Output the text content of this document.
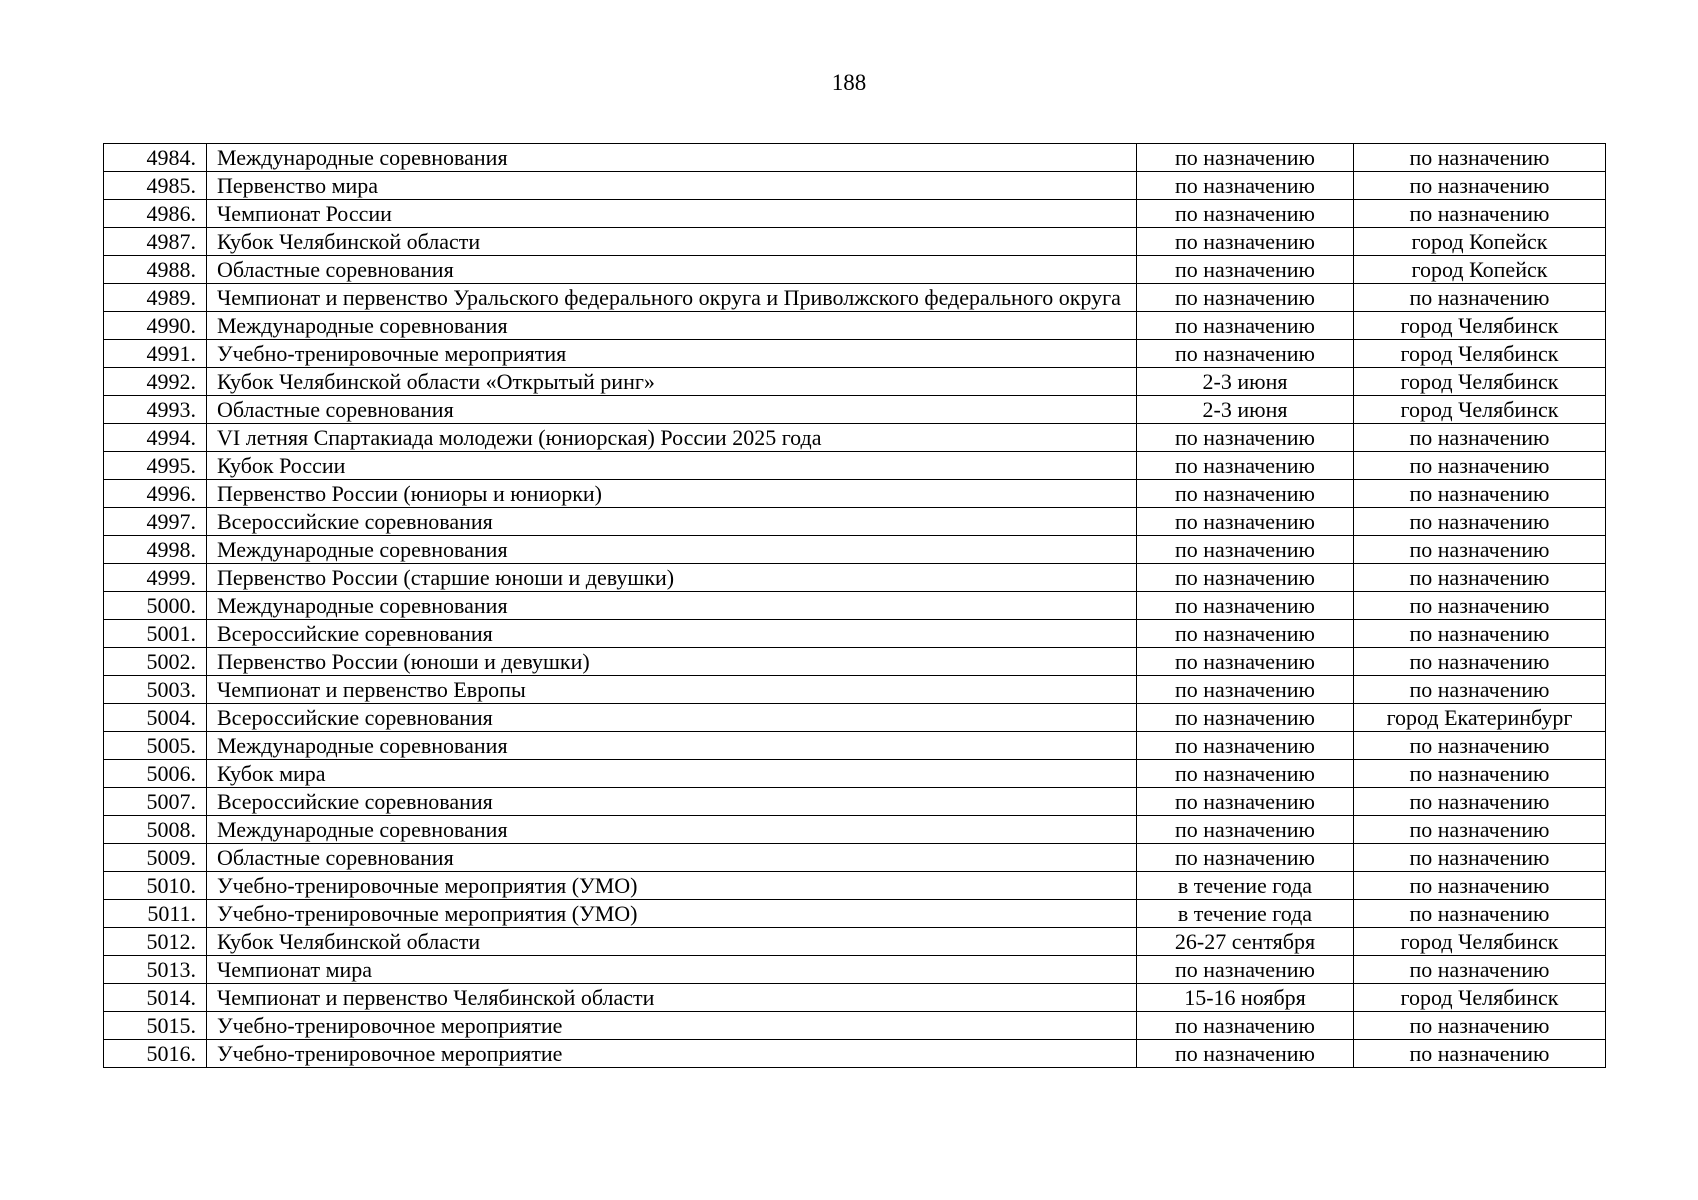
188
4984.	Международные соревнования	по назначению	по назначению
4985.	Первенство мира	по назначению	по назначению
4986.	Чемпионат России	по назначению	по назначению
4987.	Кубок Челябинской области	по назначению	город Копейск
4988.	Областные соревнования	по назначению	город Копейск
4989.	Чемпионат и первенство Уральского федерального округа и Приволжского федерального округа	по назначению	по назначению
4990.	Международные соревнования	по назначению	город Челябинск
4991.	Учебно-тренировочные мероприятия	по назначению	город Челябинск
4992.	Кубок Челябинской области «Открытый ринг»	2-3 июня	город Челябинск
4993.	Областные соревнования	2-3 июня	город Челябинск
4994.	VI летняя Спартакиада молодежи (юниорская) России 2025 года	по назначению	по назначению
4995.	Кубок России	по назначению	по назначению
4996.	Первенство России (юниоры и юниорки)	по назначению	по назначению
4997.	Всероссийские соревнования	по назначению	по назначению
4998.	Международные соревнования	по назначению	по назначению
4999.	Первенство России (старшие юноши и девушки)	по назначению	по назначению
5000.	Международные соревнования	по назначению	по назначению
5001.	Всероссийские соревнования	по назначению	по назначению
5002.	Первенство России (юноши и девушки)	по назначению	по назначению
5003.	Чемпионат и первенство Европы	по назначению	по назначению
5004.	Всероссийские соревнования	по назначению	город Екатеринбург
5005.	Международные соревнования	по назначению	по назначению
5006.	Кубок мира	по назначению	по назначению
5007.	Всероссийские соревнования	по назначению	по назначению
5008.	Международные соревнования	по назначению	по назначению
5009.	Областные соревнования	по назначению	по назначению
5010.	Учебно-тренировочные мероприятия (УМО)	в течение года	по назначению
5011.	Учебно-тренировочные мероприятия (УМО)	в течение года	по назначению
5012.	Кубок Челябинской области	26-27 сентября	город Челябинск
5013.	Чемпионат мира	по назначению	по назначению
5014.	Чемпионат и первенство Челябинской области	15-16 ноября	город Челябинск
5015.	Учебно-тренировочное мероприятие	по назначению	по назначению
5016.	Учебно-тренировочное мероприятие	по назначению	по назначению
